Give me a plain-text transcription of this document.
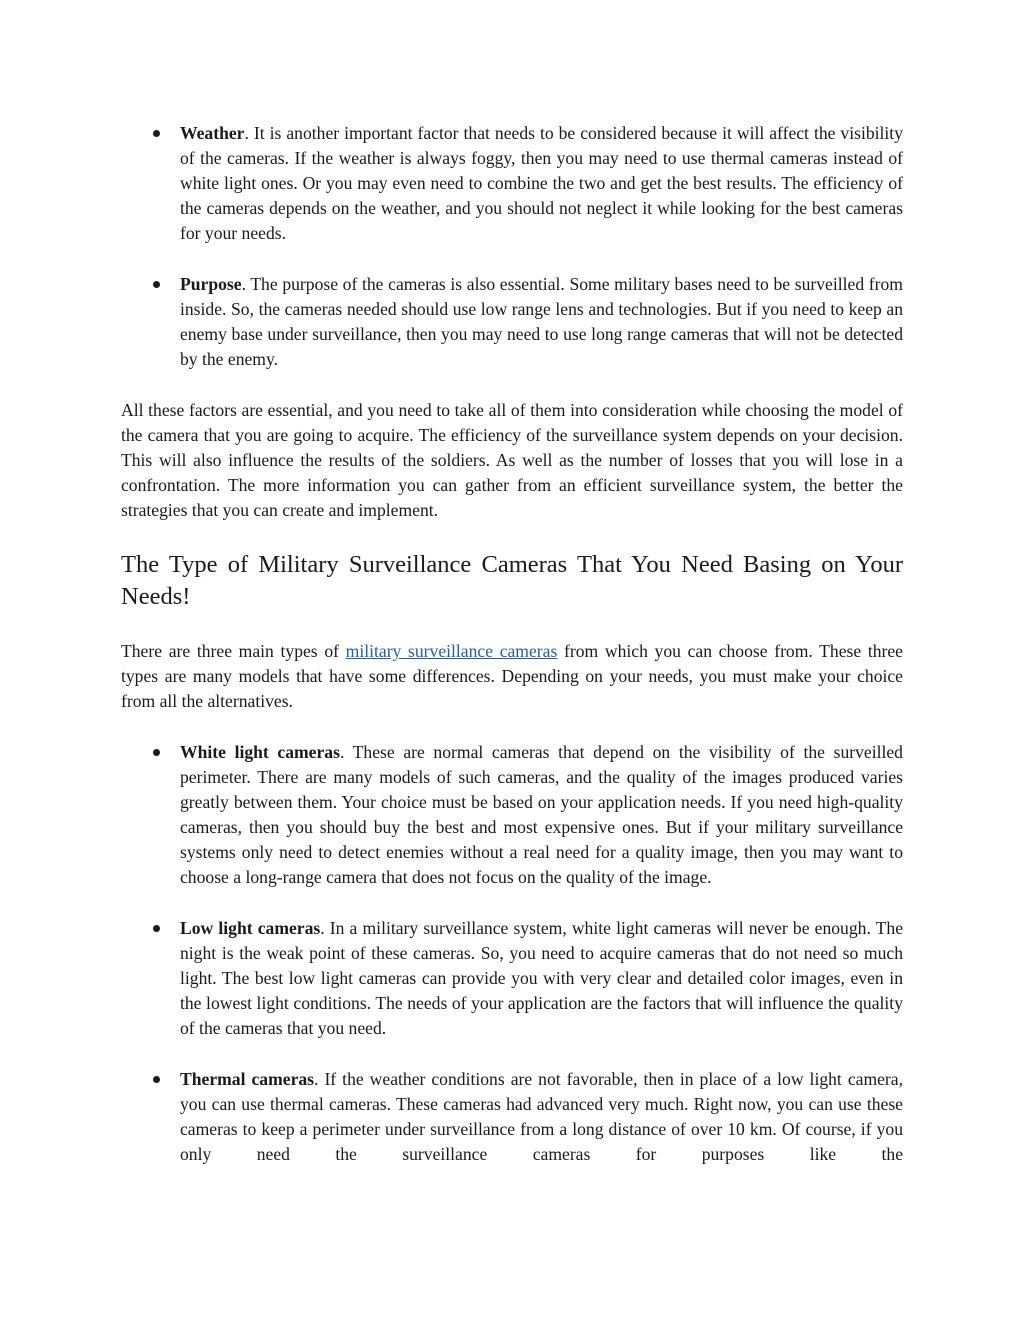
Weather. It is another important factor that needs to be considered because it will affect the visibility of the cameras. If the weather is always foggy, then you may need to use thermal cameras instead of white light ones. Or you may even need to combine the two and get the best results. The efficiency of the cameras depends on the weather, and you should not neglect it while looking for the best cameras for your needs.
Purpose. The purpose of the cameras is also essential. Some military bases need to be surveilled from inside. So, the cameras needed should use low range lens and technologies. But if you need to keep an enemy base under surveillance, then you may need to use long range cameras that will not be detected by the enemy.

All these factors are essential, and you need to take all of them into consideration while choosing the model of the camera that you are going to acquire. The efficiency of the surveillance system depends on your decision. This will also influence the results of the soldiers. As well as the number of losses that you will lose in a confrontation. The more information you can gather from an efficient surveillance system, the better the strategies that you can create and implement.

The Type of Military Surveillance Cameras That You Need Basing on Your Needs!

There are three main types of military surveillance cameras from which you can choose from. These three types are many models that have some differences. Depending on your needs, you must make your choice from all the alternatives.

White light cameras. These are normal cameras that depend on the visibility of the surveilled perimeter. There are many models of such cameras, and the quality of the images produced varies greatly between them. Your choice must be based on your application needs. If you need high-quality cameras, then you should buy the best and most expensive ones. But if your military surveillance systems only need to detect enemies without a real need for a quality image, then you may want to choose a long-range camera that does not focus on the quality of the image.
Low light cameras. In a military surveillance system, white light cameras will never be enough. The night is the weak point of these cameras. So, you need to acquire cameras that do not need so much light. The best low light cameras can provide you with very clear and detailed color images, even in the lowest light conditions. The needs of your application are the factors that will influence the quality of the cameras that you need.
Thermal cameras. If the weather conditions are not favorable, then in place of a low light camera, you can use thermal cameras. These cameras had advanced very much. Right now, you can use these cameras to keep a perimeter under surveillance from a long distance of over 10 km. Of course, if you only need the surveillance cameras for purposes like the
